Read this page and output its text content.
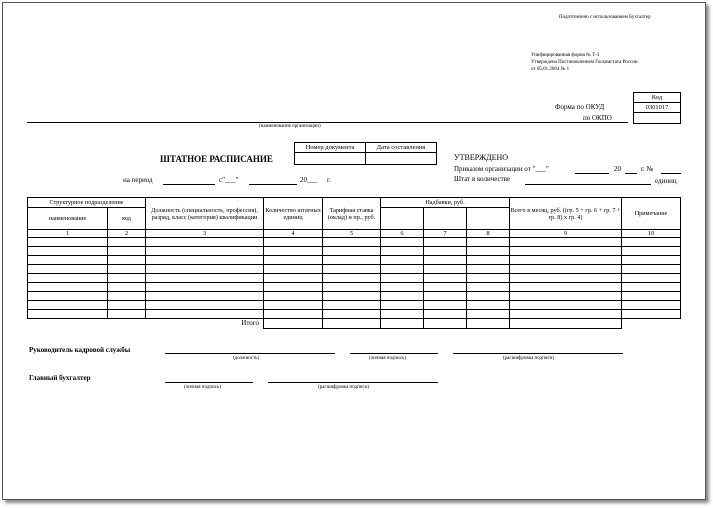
Подготовлено с использованием Бухгалтер
Унифицированная форма № Т-3
Утверждена Постановлением Госкомстата России
от 05.01.2004 № 1
Код
0301017

Форма по ОКУД
по ОКПО
(наименование организации)
Номер документа	Дата составления

ШТАТНОЕ РАСПИСАНИЕ
на период	с"___"	20___ г.
УТВЕРЖДЕНО
Приказом организации от "___"	20	г. №
Штат в количестве	единиц
Структурное подразделение		Должность (специальность, профессия), разряд, класс (категория) квалификации	Количество штатных единиц	Тарифная ставка (оклад) и пр., руб.	Надбавки, руб.			Всего в месяц, руб. ((гр. 5 + гр. 6 + гр. 7 + гр. 8) х гр. 4)	Примечание
наименование	код								
1	2	3	4	5	6	7	8	9	10

Итого									
Руководитель кадровой службы
(должность)	(личная подпись)	(расшифровка подписи)
Главный бухгалтер
(личная подпись)	(расшифровка подписи)
